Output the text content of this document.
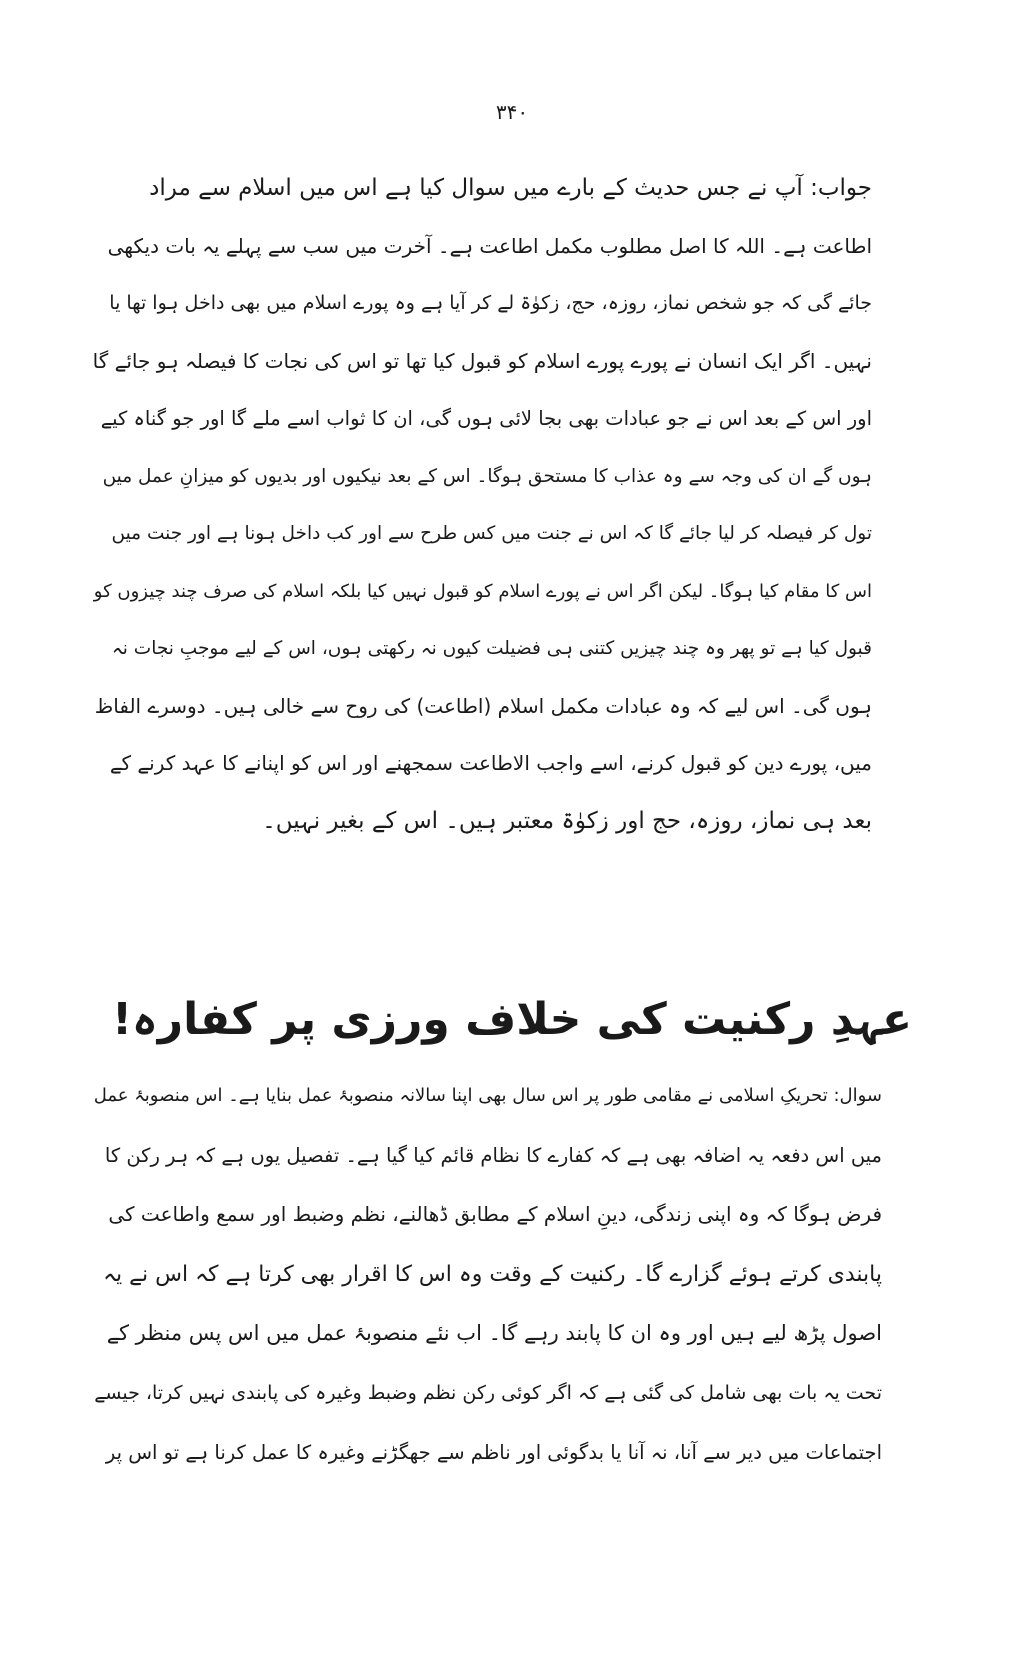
۳۴۰
جواب: آپ نے جس حدیث کے بارے میں سوال کیا ہے اس میں اسلام سے مراد
اطاعت ہے۔ اللہ کا اصل مطلوب مکمل اطاعت ہے۔ آخرت میں سب سے پہلے یہ بات دیکھی
جائے گی کہ جو شخص نماز، روزہ، حج، زکوٰۃ لے کر آیا ہے وہ پورے اسلام میں بھی داخل ہوا تھا یا
نہیں۔ اگر ایک انسان نے پورے پورے اسلام کو قبول کیا تھا تو اس کی نجات کا فیصلہ ہو جائے گا
اور اس کے بعد اس نے جو عبادات بھی بجا لائی ہوں گی، ان کا ثواب اسے ملے گا اور جو گناہ کیے
ہوں گے ان کی وجہ سے وہ عذاب کا مستحق ہوگا۔ اس کے بعد نیکیوں اور بدیوں کو میزانِ عمل میں
تول کر فیصلہ کر لیا جائے گا کہ اس نے جنت میں کس طرح سے اور کب داخل ہونا ہے اور جنت میں
اس کا مقام کیا ہوگا۔ لیکن اگر اس نے پورے اسلام کو قبول نہیں کیا بلکہ اسلام کی صرف چند چیزوں کو
قبول کیا ہے تو پھر وہ چند چیزیں کتنی ہی فضیلت کیوں نہ رکھتی ہوں، اس کے لیے موجبِ نجات نہ
ہوں گی۔ اس لیے کہ وہ عبادات مکمل اسلام (اطاعت) کی روح سے خالی ہیں۔ دوسرے الفاظ
میں، پورے دین کو قبول کرنے، اسے واجب الاطاعت سمجھنے اور اس کو اپنانے کا عہد کرنے کے
بعد ہی نماز، روزہ، حج اور زکوٰۃ معتبر ہیں۔ اس کے بغیر نہیں۔
عہدِ رکنیت کی خلاف ورزی پر کفارہ!
سوال: تحریکِ اسلامی نے مقامی طور پر اس سال بھی اپنا سالانہ منصوبۂ عمل بنایا ہے۔ اس منصوبۂ عمل
میں اس دفعہ یہ اضافہ بھی ہے کہ کفارے کا نظام قائم کیا گیا ہے۔ تفصیل یوں ہے کہ ہر رکن کا
فرض ہوگا کہ وہ اپنی زندگی، دینِ اسلام کے مطابق ڈھالنے، نظم وضبط اور سمع واطاعت کی
پابندی کرتے ہوئے گزارے گا۔ رکنیت کے وقت وہ اس کا اقرار بھی کرتا ہے کہ اس نے یہ
اصول پڑھ لیے ہیں اور وہ ان کا پابند رہے گا۔ اب نئے منصوبۂ عمل میں اس پس منظر کے
تحت یہ بات بھی شامل کی گئی ہے کہ اگر کوئی رکن نظم وضبط وغیرہ کی پابندی نہیں کرتا، جیسے
اجتماعات میں دیر سے آنا، نہ آنا یا بدگوئی اور ناظم سے جھگڑنے وغیرہ کا عمل کرنا ہے تو اس پر
